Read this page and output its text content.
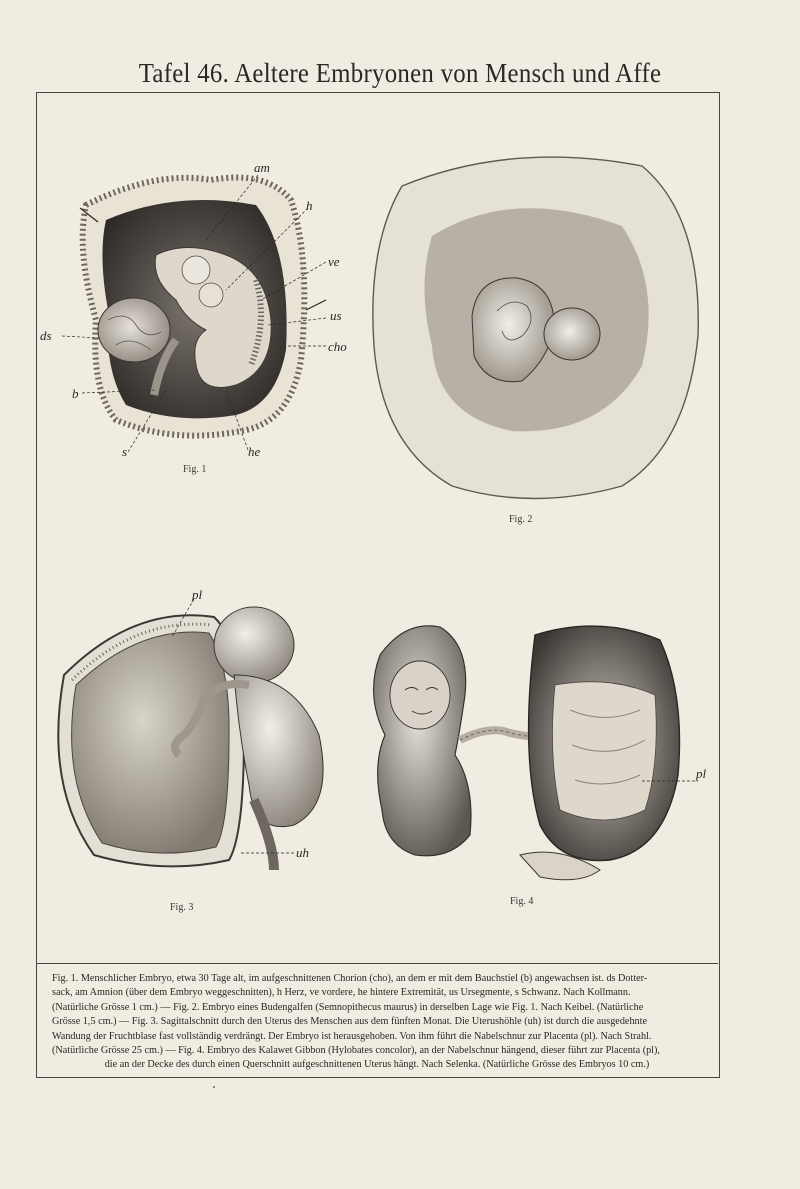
Tafel 46. Aeltere Embryonen von Mensch und Affe
am
h
ve
us
cho
ds
b
s	he
Fig. 1
Fig. 2
pl
uh
Fig. 3
pl
Fig. 4
Fig. 1. Menschlicher Embryo, etwa 30 Tage alt, im aufgeschnittenen Chorion (cho), an dem er mit dem Bauchstiel (b) angewachsen ist. ds Dotter-
sack, am Amnion (über dem Embryo weggeschnitten), h Herz, ve vordere, he hintere Extremität, us Ursegmente, s Schwanz. Nach Kollmann.
(Natürliche Grösse 1 cm.) — Fig. 2. Embryo eines Budengalfen (Semnopithecus maurus) in derselben Lage wie Fig. 1. Nach Keibel. (Natürliche
Grösse 1,5 cm.) — Fig. 3. Sagittalschnitt durch den Uterus des Menschen aus dem fünften Monat. Die Uterushöhle (uh) ist durch die ausgedehnte
Wandung der Fruchtblase fast vollständig verdrängt. Der Embryo ist herausgehoben. Von ihm führt die Nabelschnur zur Placenta (pl). Nach Strahl.
(Natürliche Grösse 25 cm.) — Fig. 4. Embryo des Kalawet Gibbon (Hylobates concolor), an der Nabelschnur hängend, dieser führt zur Placenta (pl),
die an der Decke des durch einen Querschnitt aufgeschnittenen Uterus hängt. Nach Selenka. (Natürliche Grösse des Embryos 10 cm.)
